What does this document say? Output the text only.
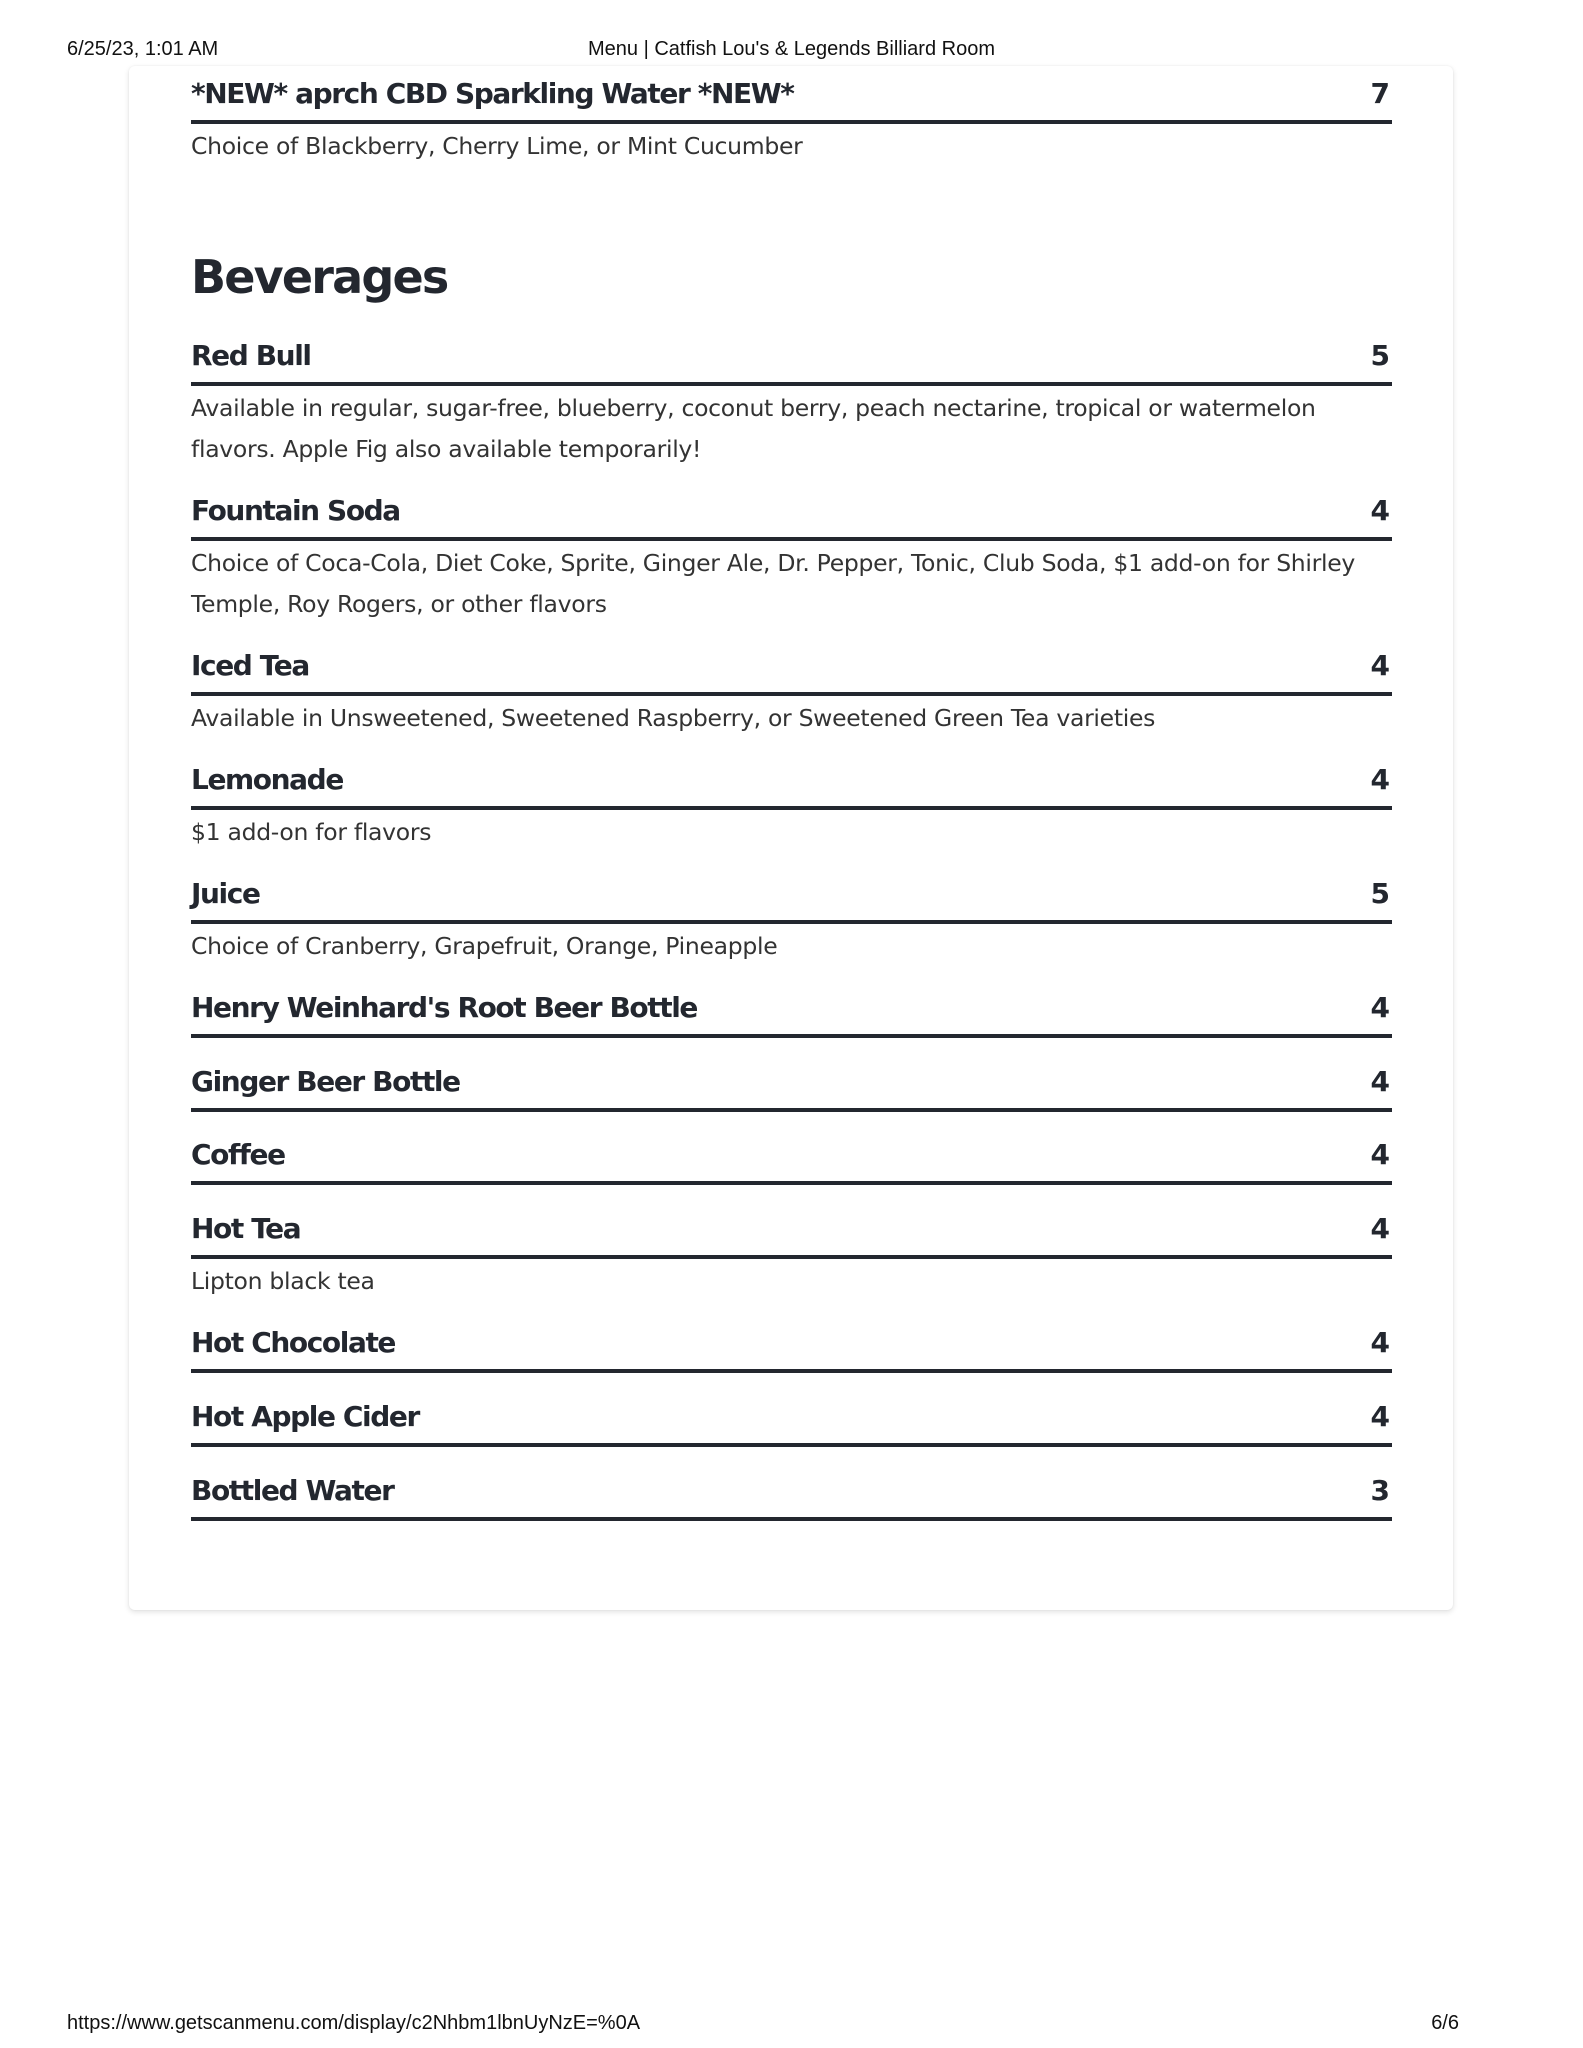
6/25/23, 1:01 AM	Menu | Catfish Lou's & Legends Billiard Room
*NEW* aprch CBD Sparkling Water *NEW*	7
Choice of Blackberry, Cherry Lime, or Mint Cucumber
Beverages
Red Bull	5
Available in regular, sugar-free, blueberry, coconut berry, peach nectarine, tropical or watermelon flavors. Apple Fig also available temporarily!
Fountain Soda	4
Choice of Coca-Cola, Diet Coke, Sprite, Ginger Ale, Dr. Pepper, Tonic, Club Soda, $1 add-on for Shirley Temple, Roy Rogers, or other flavors
Iced Tea	4
Available in Unsweetened, Sweetened Raspberry, or Sweetened Green Tea varieties
Lemonade	4
$1 add-on for flavors
Juice	5
Choice of Cranberry, Grapefruit, Orange, Pineapple
Henry Weinhard's Root Beer Bottle	4
Ginger Beer Bottle	4
Coffee	4
Hot Tea	4
Lipton black tea
Hot Chocolate	4
Hot Apple Cider	4
Bottled Water	3
https://www.getscanmenu.com/display/c2Nhbm1lbnUyNzE=%0A	6/6
